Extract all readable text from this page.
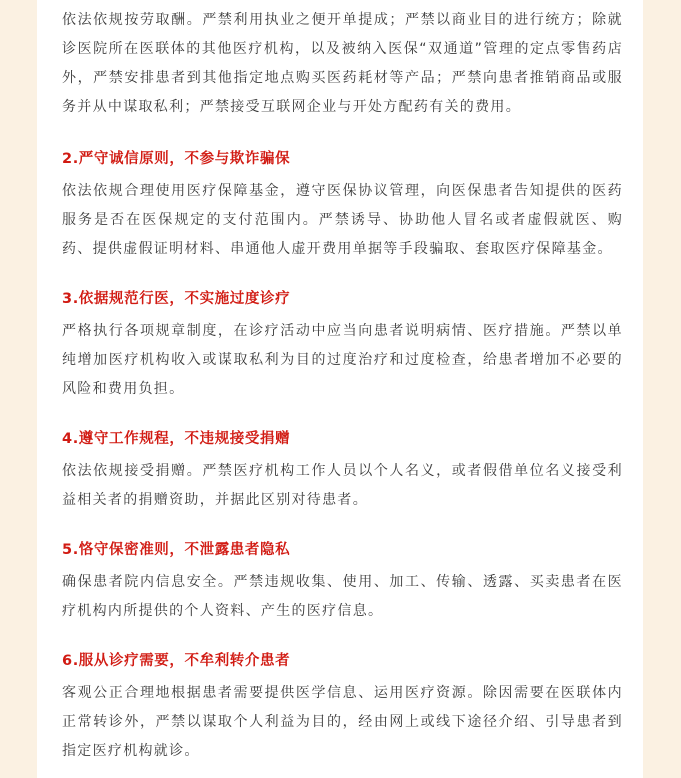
依法依规按劳取酬。严禁利用执业之便开单提成；严禁以商业目的进行统方；除就诊医院所在医联体的其他医疗机构，以及被纳入医保“双通道”管理的定点零售药店外，严禁安排患者到其他指定地点购买医药耗材等产品；严禁向患者推销商品或服务并从中谋取私利；严禁接受互联网企业与开处方配药有关的费用。

2.严守诚信原则，不参与欺诈骗保

依法依规合理使用医疗保障基金，遵守医保协议管理，向医保患者告知提供的医药服务是否在医保规定的支付范围内。严禁诱导、协助他人冒名或者虚假就医、购药、提供虚假证明材料、串通他人虚开费用单据等手段骗取、套取医疗保障基金。

3.依据规范行医，不实施过度诊疗

严格执行各项规章制度，在诊疗活动中应当向患者说明病情、医疗措施。严禁以单纯增加医疗机构收入或谋取私利为目的过度治疗和过度检查，给患者增加不必要的风险和费用负担。

4.遵守工作规程，不违规接受捐赠

依法依规接受捐赠。严禁医疗机构工作人员以个人名义，或者假借单位名义接受利益相关者的捐赠资助，并据此区别对待患者。

5.恪守保密准则，不泄露患者隐私

确保患者院内信息安全。严禁违规收集、使用、加工、传输、透露、买卖患者在医疗机构内所提供的个人资料、产生的医疗信息。

6.服从诊疗需要，不牟利转介患者

客观公正合理地根据患者需要提供医学信息、运用医疗资源。除因需要在医联体内正常转诊外，严禁以谋取个人利益为目的，经由网上或线下途径介绍、引导患者到指定医疗机构就诊。
